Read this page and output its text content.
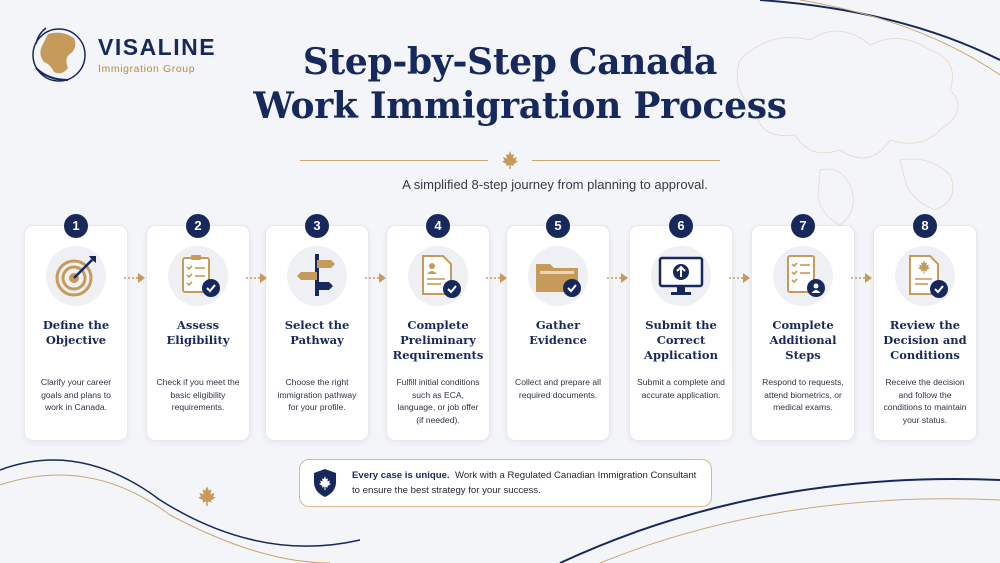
VISALINE
Immigration Group	Step-by-Step Canada
Work Immigration Process
A simplified 8-step journey from planning to approval.
1
Define the Objective
Clarify your career goals and plans to work in Canada.
2
Assess Eligibility
Check if you meet the basic eligibility requirements.
3
Select the Pathway
Choose the right immigration pathway for your profile.
4
Complete Preliminary Requirements
Fulfill initial conditions such as ECA, language, or job offer (if needed).
5
Gather Evidence
Collect and prepare all required documents.
6
Submit the Correct Application
Submit a complete and accurate application.
7
Complete Additional Steps
Respond to requests, attend biometrics, or medical exams.
8
Review the Decision and Conditions
Receive the decision and follow the conditions to maintain your status.
Every case is unique. Work with a Regulated Canadian Immigration Consultant
to ensure the best strategy for your success.
